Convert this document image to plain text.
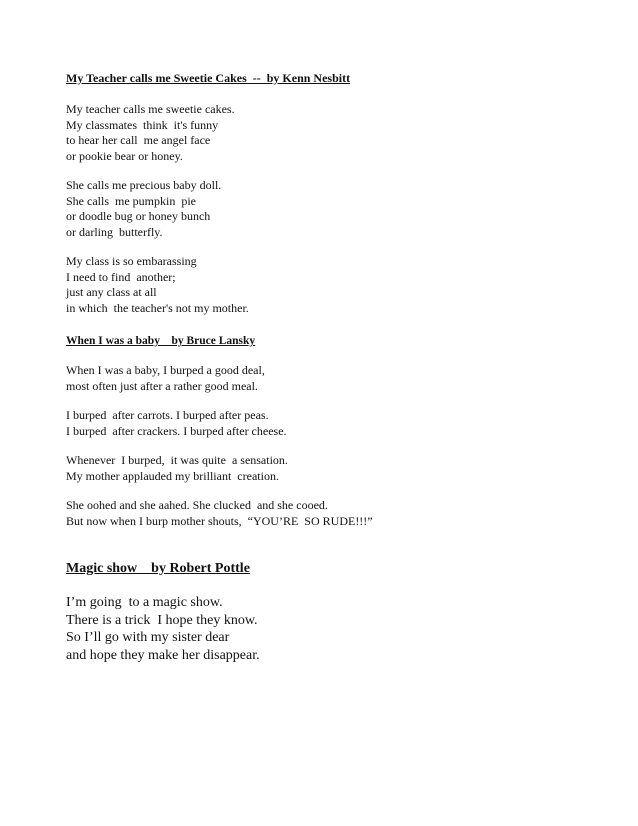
My Teacher calls me Sweetie Cakes  --  by Kenn Nesbitt
My teacher calls me sweetie cakes.
My classmates  think  it's funny
to hear her call  me angel face
or pookie bear or honey.
She calls me precious baby doll.
She calls  me pumpkin  pie
or doodle bug or honey bunch
or darling  butterfly.
My class is so embarassing
I need to find  another;
just any class at all
in which  the teacher's not my mother.
When I was a baby    by Bruce Lansky
When I was a baby, I burped a good deal,
most often just after a rather good meal.
I burped  after carrots. I burped after peas.
I burped  after crackers. I burped after cheese.
Whenever  I burped,  it was quite  a sensation.
My mother applauded my brilliant  creation.
She oohed and she aahed. She clucked  and she cooed.
But now when I burp mother shouts,  “YOU’RE  SO RUDE!!!”
Magic show    by Robert Pottle
I’m going  to a magic show.
There is a trick  I hope they know.
So I’ll go with my sister dear
and hope they make her disappear.
